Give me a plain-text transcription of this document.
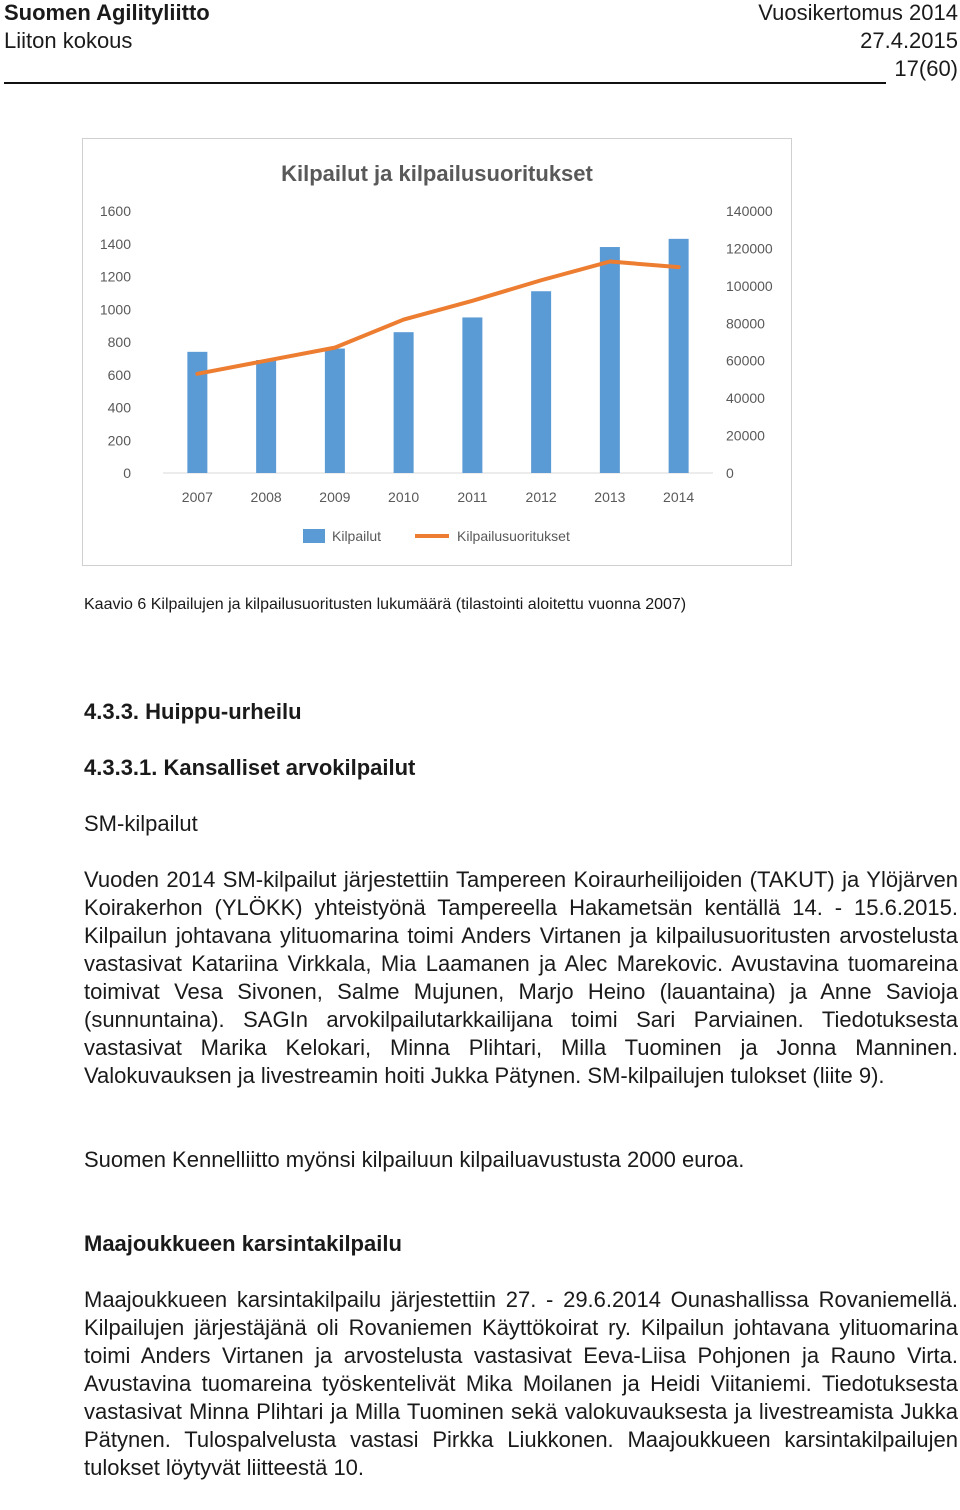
Suomen Agilityliitto	Vuosikertomus 2014
Liiton kokous	27.4.2015
17(60)
Kilpailut ja kilpailusuoritukset
0
200
400
600
800
1000
1200
1400
1600
0
20000
40000
60000
80000
100000
120000
140000
2007	2008	2009	2010	2011	2012	2013	2014
Kilpailut	Kilpailusuoritukset
Kaavio 6 Kilpailujen ja kilpailusuoritusten lukumäärä (tilastointi aloitettu vuonna 2007)
4.3.3. Huippu-urheilu
4.3.3.1. Kansalliset arvokilpailut
SM-kilpailut
Vuoden 2014 SM-kilpailut järjestettiin Tampereen Koiraurheilijoiden (TAKUT) ja Ylöjärven Koirakerhon (YLÖKK) yhteistyönä Tampereella Hakametsän kentällä 14. - 15.6.2015. Kilpailun johtavana ylituomarina toimi Anders Virtanen ja kilpailusuoritusten arvostelusta vastasivat Katariina Virkkala, Mia Laamanen ja Alec Marekovic. Avustavina tuomareina toimivat Vesa Sivonen, Salme Mujunen, Marjo Heino (lauantaina) ja Anne Savioja (sunnuntaina). SAGIn arvokilpailutarkkailijana toimi Sari Parviainen. Tiedotuksesta vastasivat Marika Kelokari, Minna Plihtari, Milla Tuominen ja Jonna Manninen. Valokuvauksen ja livestreamin hoiti Jukka Pätynen. SM-kilpailujen tulokset (liite 9).
Suomen Kennelliitto myönsi kilpailuun kilpailuavustusta 2000 euroa.
Maajoukkueen karsintakilpailu
Maajoukkueen karsintakilpailu järjestettiin 27. - 29.6.2014 Ounashallissa Rovaniemellä. Kilpailujen järjestäjänä oli Rovaniemen Käyttökoirat ry. Kilpailun johtavana ylituomarina toimi Anders Virtanen ja arvostelusta vastasivat Eeva-Liisa Pohjonen ja Rauno Virta. Avustavina tuomareina työskentelivät Mika Moilanen ja Heidi Viitaniemi. Tiedotuksesta vastasivat Minna Plihtari ja Milla Tuominen sekä valokuvauksesta ja livestreamista Jukka Pätynen. Tulospalvelusta vastasi Pirkka Liukkonen. Maajoukkueen karsintakilpailujen tulokset löytyvät liitteestä 10.
